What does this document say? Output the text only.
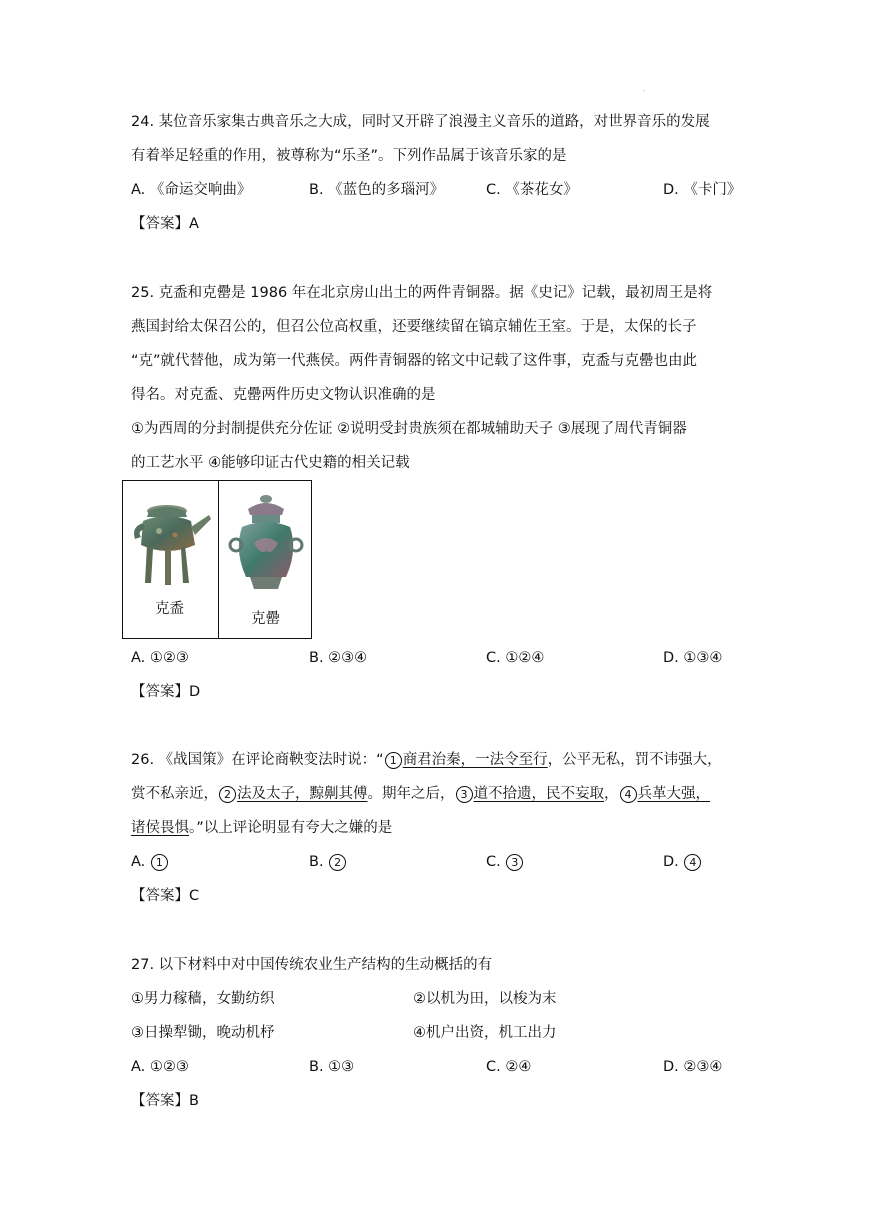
.
24. 某位音乐家集古典音乐之大成，同时又开辟了浪漫主义音乐的道路，对世界音乐的发展
有着举足轻重的作用，被尊称为“乐圣”。下列作品属于该音乐家的是
A. 《命运交响曲》	B. 《蓝色的多瑙河》	C. 《茶花女》	D. 《卡门》
【答案】A
25. 克盉和克罍是 1986 年在北京房山出土的两件青铜器。据《史记》记载，最初周王是将
燕国封给太保召公的，但召公位高权重，还要继续留在镐京辅佐王室。于是，太保的长子
“克”就代替他，成为第一代燕侯。两件青铜器的铭文中记载了这件事，克盉与克罍也由此
得名。对克盉、克罍两件历史文物认识准确的是
①为西周的分封制提供充分佐证 ②说明受封贵族须在都城辅助天子 ③展现了周代青铜器
的工艺水平 ④能够印证古代史籍的相关记载
克盉
克罍
A. ①②③	B. ②③④	C. ①②④	D. ①③④
【答案】D
26. 《战国策》在评论商鞅变法时说：“ 1 商君治秦，一法令至行，公平无私，罚不讳强大，
赏不私亲近， 2 法及太子，黥劓其傅。期年之后， 3 道不拾遗，民不妄取， 4 兵革大强，
诸侯畏惧。”以上评论明显有夸大之嫌的是
A. 1	B. 2	C. 3	D. 4
【答案】C
27. 以下材料中对中国传统农业生产结构的生动概括的有
①男力稼穑，女勤纺织	②以机为田，以梭为末
③日操犁锄，晚动机杼	④机户出资，机工出力
A. ①②③	B. ①③	C. ②④	D. ②③④
【答案】B
